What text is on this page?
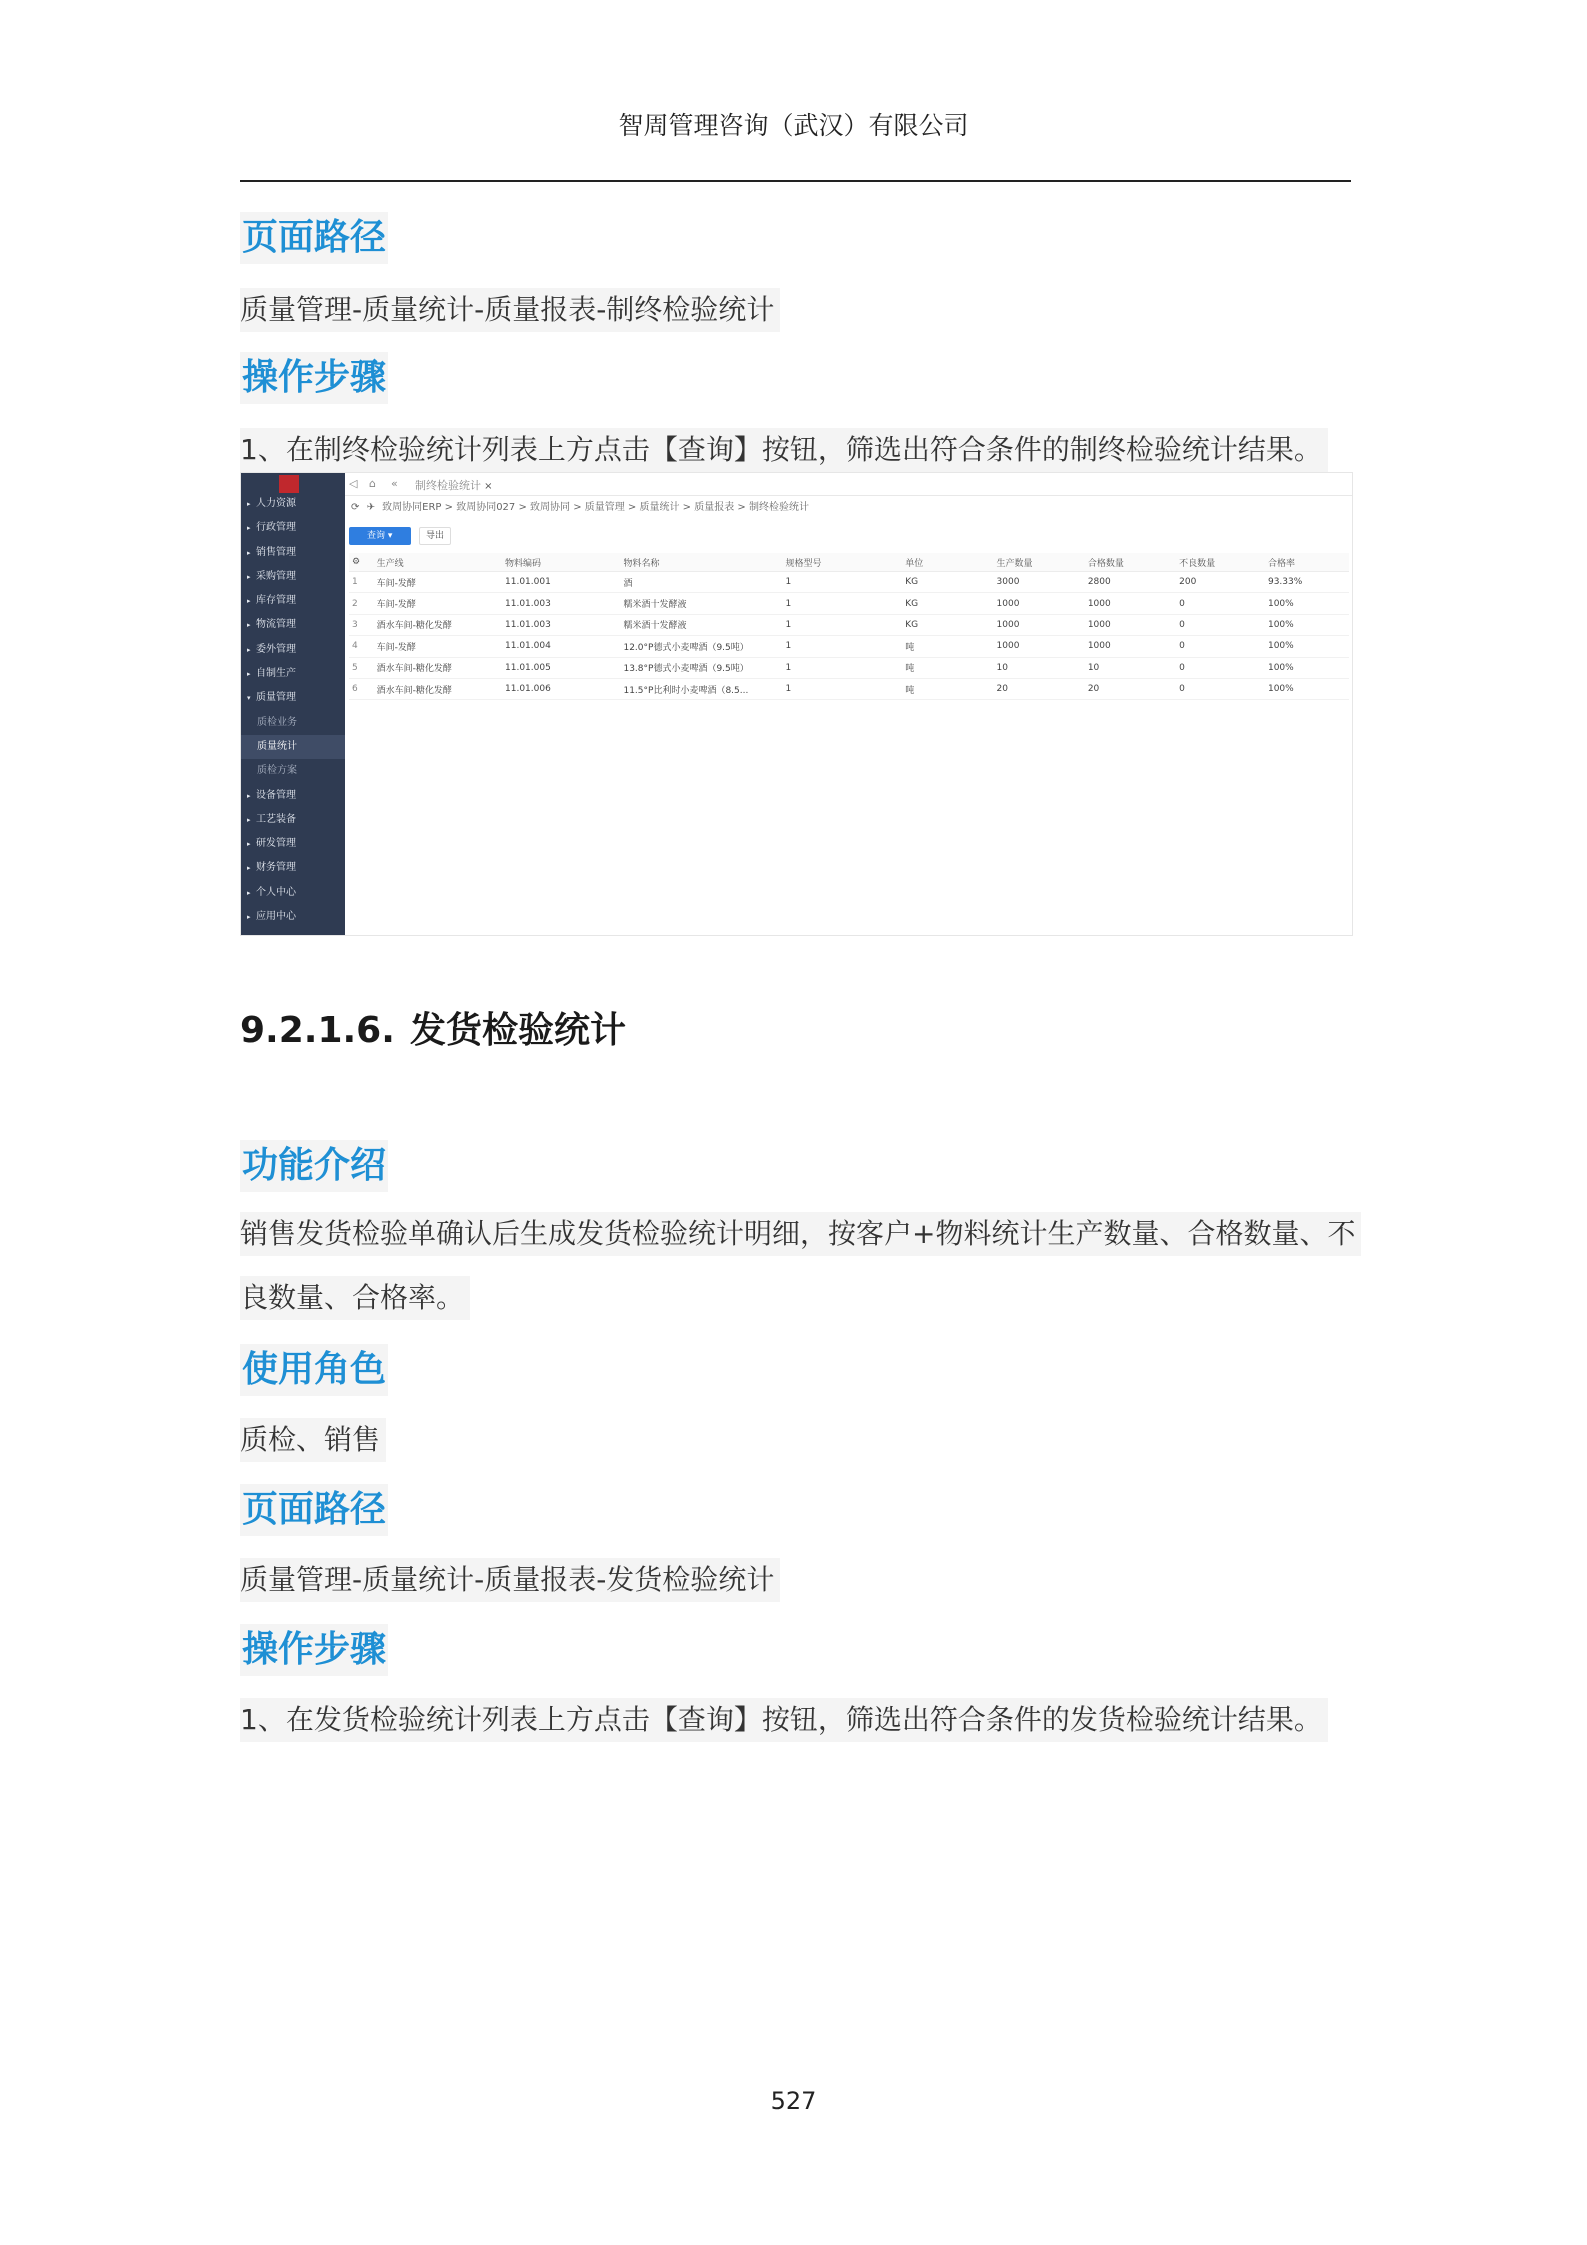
智周管理咨询（武汉）有限公司
页面路径
质量管理-质量统计-质量报表-制终检验统计
操作步骤
1、在制终检验统计列表上方点击【查询】按钮，筛选出符合条件的制终检验统计结果。
▸ 人力资源
▸ 行政管理
▸ 销售管理
▸ 采购管理
▸ 库存管理
▸ 物流管理
▸ 委外管理
▸ 自制生产
▾ 质量管理
质检业务
质量统计
质检方案
▸ 设备管理
▸ 工艺装备
▸ 研发管理
▸ 财务管理
▸ 个人中心
▸ 应用中心
◁ ⌂ « 制终检验统计 ×
⟳ ✈ 致周协同ERP > 致周协同027 > 致周协同 > 质量管理 > 质量统计 > 质量报表 > 制终检验统计
查询 ▾	导出
⚙	生产线	物料编码	物料名称	规格型号	单位	生产数量	合格数量	不良数量	合格率
1	车间-发酵	11.01.001	酒	1	KG	3000	2800	200	93.33%
2	车间-发酵	11.01.003	糯米酒十发酵液	1	KG	1000	1000	0	100%
3	酒水车间-糖化发酵	11.01.003	糯米酒十发酵液	1	KG	1000	1000	0	100%
4	车间-发酵	11.01.004	12.0°P德式小麦啤酒（9.5吨）	1	吨	1000	1000	0	100%
5	酒水车间-糖化发酵	11.01.005	13.8°P德式小麦啤酒（9.5吨）	1	吨	10	10	0	100%
6	酒水车间-糖化发酵	11.01.006	11.5°P比利时小麦啤酒（8.5...	1	吨	20	20	0	100%
9.2.1.6. 发货检验统计
功能介绍
销售发货检验单确认后生成发货检验统计明细，按客户+物料统计生产数量、合格数量、不
良数量、合格率。
使用角色
质检、销售
页面路径
质量管理-质量统计-质量报表-发货检验统计
操作步骤
1、在发货检验统计列表上方点击【查询】按钮，筛选出符合条件的发货检验统计结果。
527
